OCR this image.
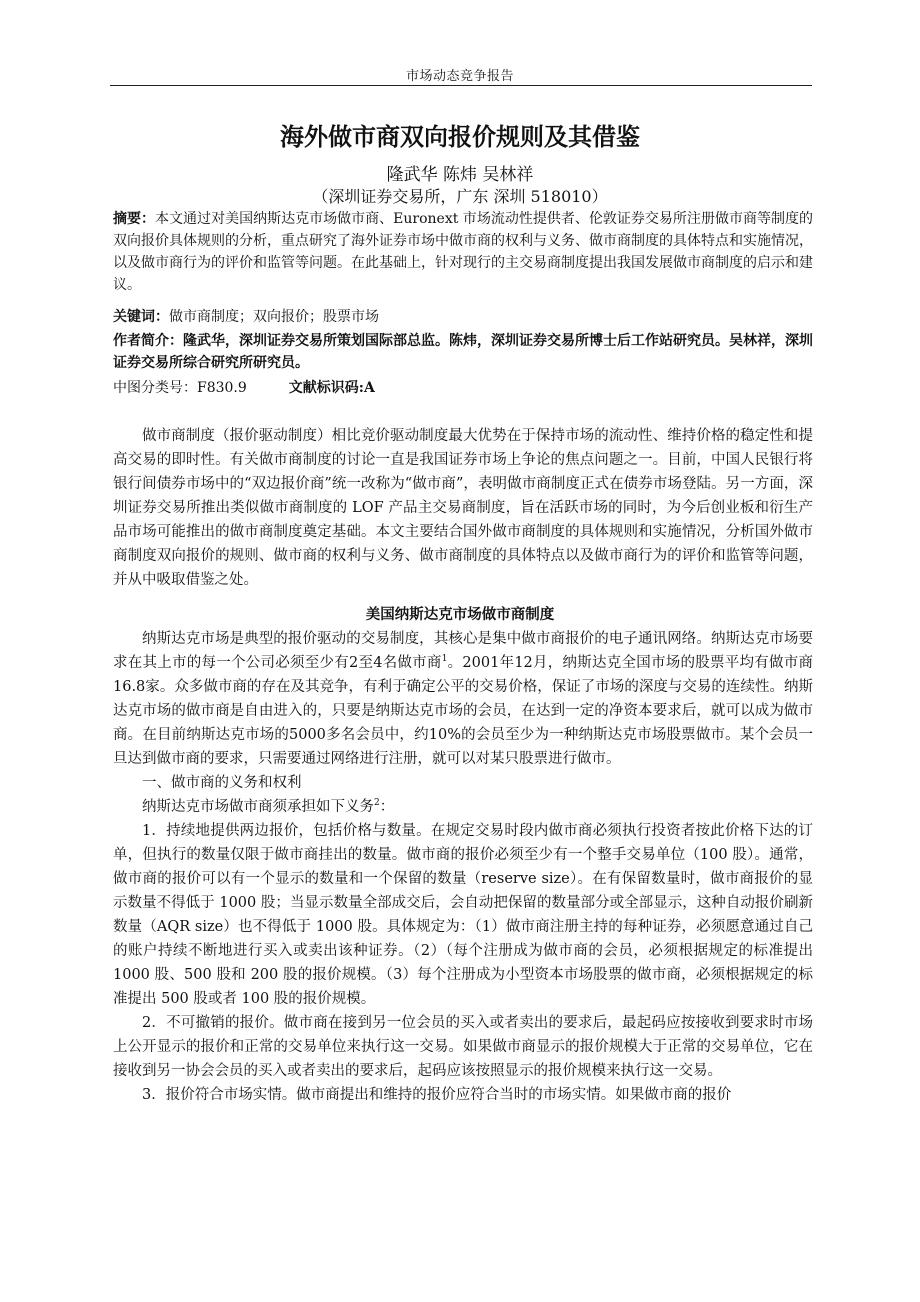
市场动态竞争报告
海外做市商双向报价规则及其借鉴
隆武华 陈炜 吴林祥
（深圳证券交易所，广东 深圳 518010）
摘要：本文通过对美国纳斯达克市场做市商、Euronext 市场流动性提供者、伦敦证券交易所注册做市商等制度的双向报价具体规则的分析，重点研究了海外证券市场中做市商的权利与义务、做市商制度的具体特点和实施情况，以及做市商行为的评价和监管等问题。在此基础上，针对现行的主交易商制度提出我国发展做市商制度的启示和建议。
关键词：做市商制度；双向报价；股票市场
作者简介：隆武华，深圳证券交易所策划国际部总监。陈炜，深圳证券交易所博士后工作站研究员。吴林祥，深圳证券交易所综合研究所研究员。
中图分类号：F830.9	文献标识码:A

做市商制度（报价驱动制度）相比竞价驱动制度最大优势在于保持市场的流动性、维持价格的稳定性和提高交易的即时性。有关做市商制度的讨论一直是我国证券市场上争论的焦点问题之一。目前，中国人民银行将银行间债券市场中的“双边报价商”统一改称为“做市商”，表明做市商制度正式在债券市场登陆。另一方面，深圳证券交易所推出类似做市商制度的 LOF 产品主交易商制度，旨在活跃市场的同时，为今后创业板和衍生产品市场可能推出的做市商制度奠定基础。本文主要结合国外做市商制度的具体规则和实施情况，分析国外做市商制度双向报价的规则、做市商的权利与义务、做市商制度的具体特点以及做市商行为的评价和监管等问题，并从中吸取借鉴之处。

美国纳斯达克市场做市商制度

纳斯达克市场是典型的报价驱动的交易制度，其核心是集中做市商报价的电子通讯网络。纳斯达克市场要求在其上市的每一个公司必须至少有2至4名做市商$^1$。2001年12月，纳斯达克全国市场的股票平均有做市商16.8家。众多做市商的存在及其竞争，有利于确定公平的交易价格，保证了市场的深度与交易的连续性。纳斯达克市场的做市商是自由进入的，只要是纳斯达克市场的会员，在达到一定的净资本要求后，就可以成为做市商。在目前纳斯达克市场的5000多名会员中，约10%的会员至少为一种纳斯达克市场股票做市。某个会员一旦达到做市商的要求，只需要通过网络进行注册，就可以对某只股票进行做市。

一、做市商的义务和权利

纳斯达克市场做市商须承担如下义务$^2$：

1．持续地提供两边报价，包括价格与数量。在规定交易时段内做市商必须执行投资者按此价格下达的订单，但执行的数量仅限于做市商挂出的数量。做市商的报价必须至少有一个整手交易单位（100 股）。通常，做市商的报价可以有一个显示的数量和一个保留的数量（reserve size）。在有保留数量时，做市商报价的显示数量不得低于 1000 股；当显示数量全部成交后，会自动把保留的数量部分或全部显示，这种自动报价刷新数量（AQR size）也不得低于 1000 股。具体规定为：（1）做市商注册主持的每种证券，必须愿意通过自己的账户持续不断地进行买入或卖出该种证券。（2）（每个注册成为做市商的会员，必须根据规定的标准提出 1000 股、500 股和 200 股的报价规模。（3）每个注册成为小型资本市场股票的做市商，必须根据规定的标准提出 500 股或者 100 股的报价规模。

2．不可撤销的报价。做市商在接到另一位会员的买入或者卖出的要求后，最起码应按接收到要求时市场上公开显示的报价和正常的交易单位来执行这一交易。如果做市商显示的报价规模大于正常的交易单位，它在接收到另一协会会员的买入或者卖出的要求后，起码应该按照显示的报价规模来执行这一交易。

3．报价符合市场实情。做市商提出和维持的报价应符合当时的市场实情。如果做市商的报价
